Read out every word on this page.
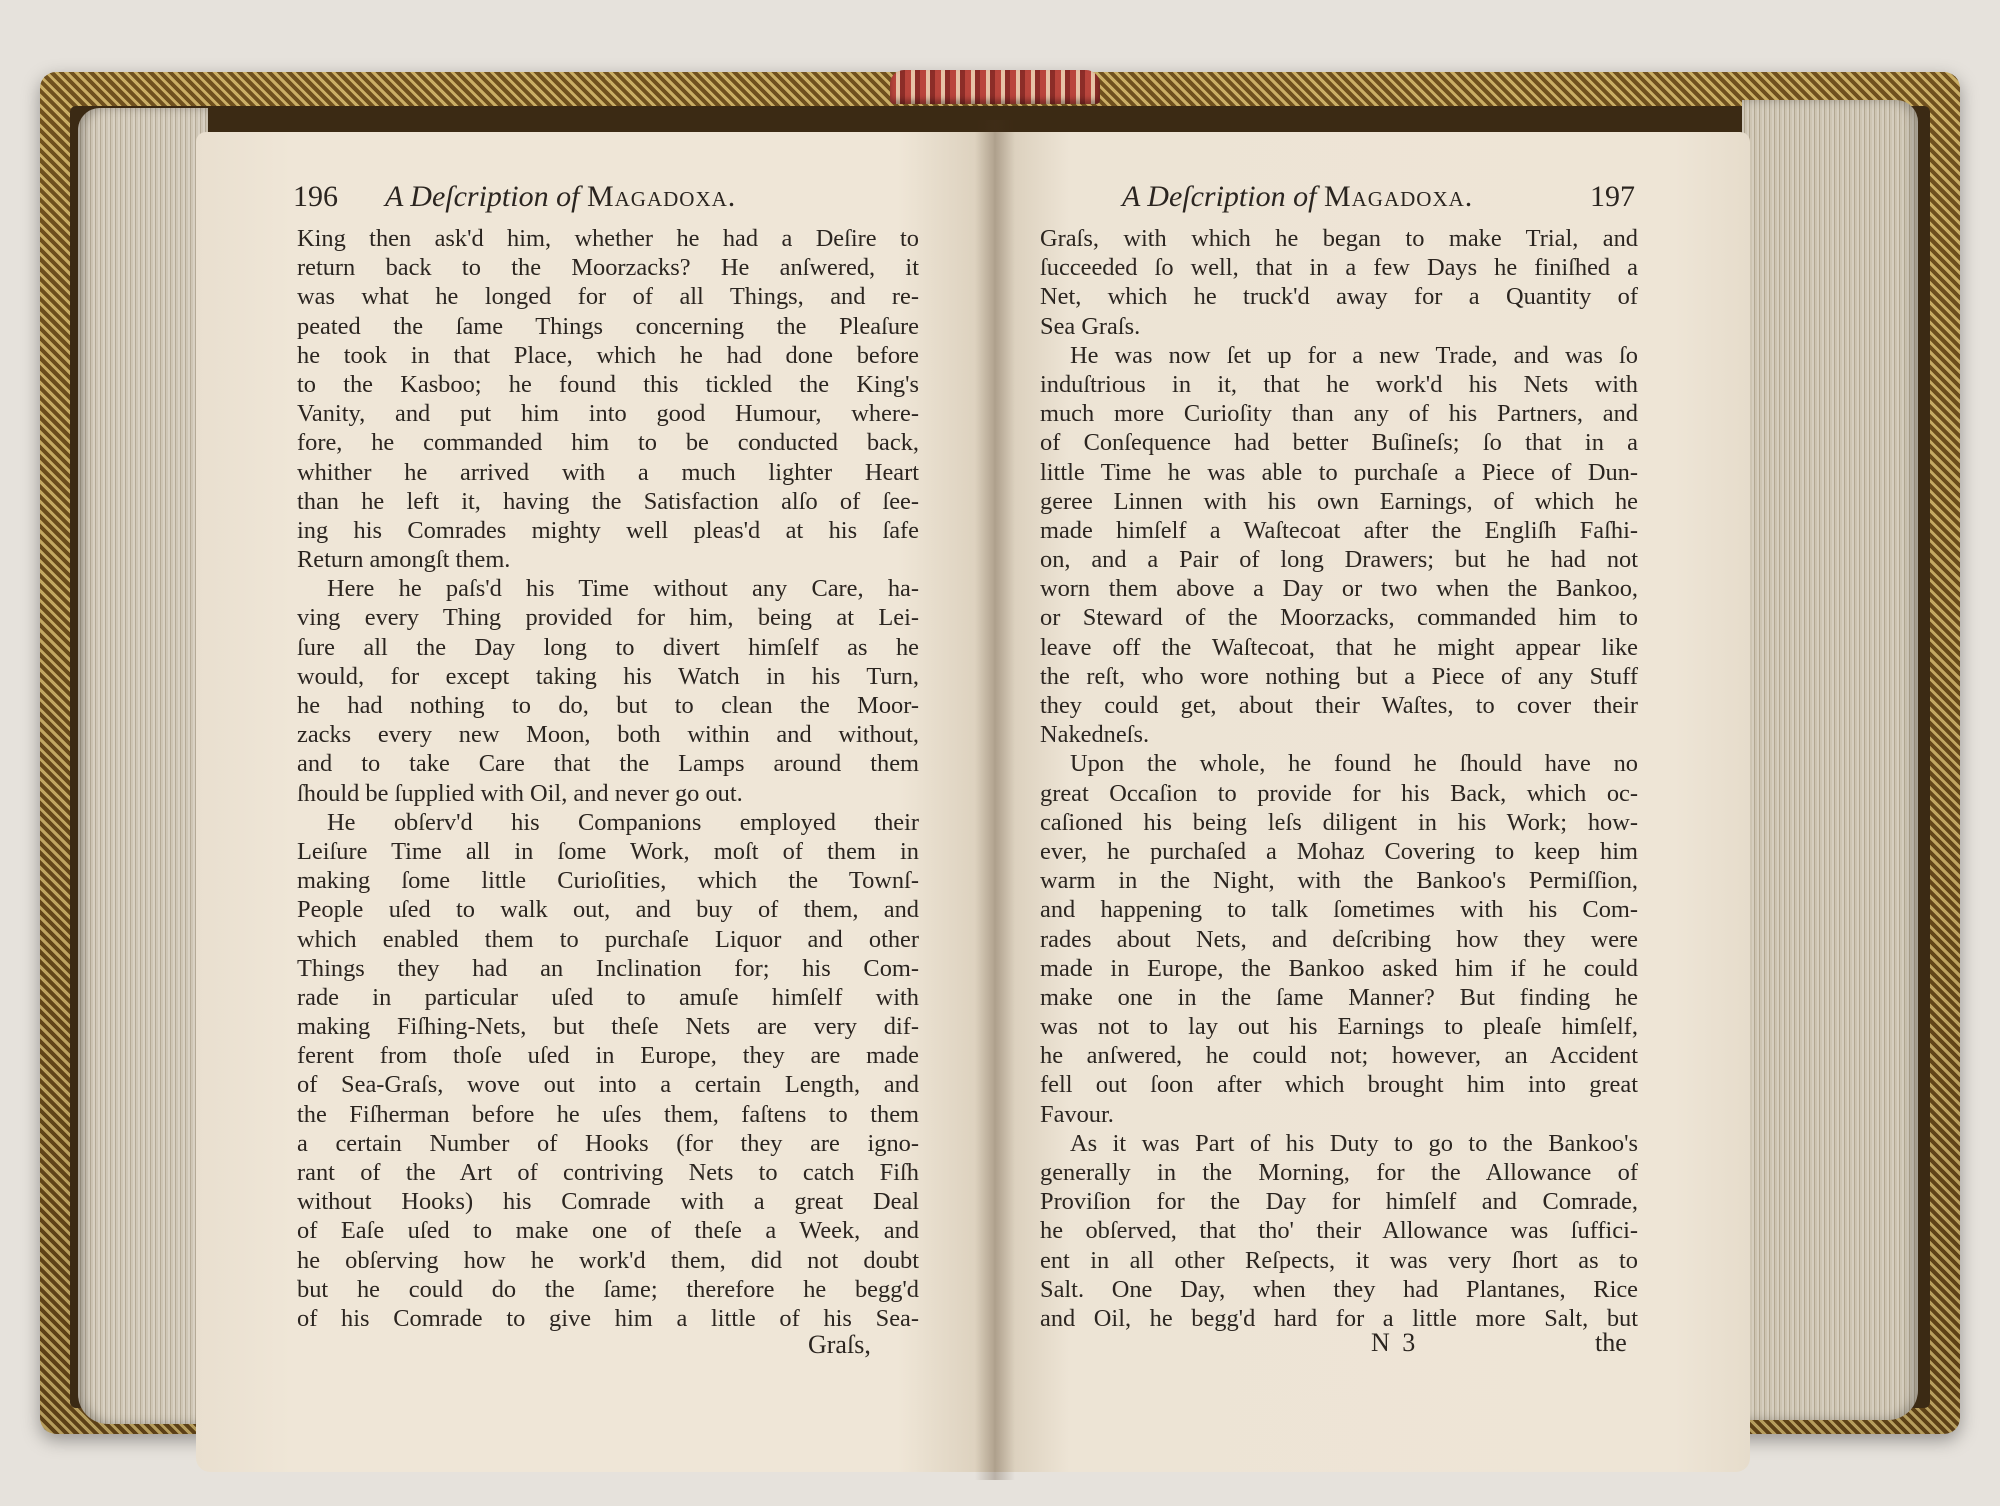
196 A Deſcription of Magadoxa.
King then ask'd him, whether he had a Deſire to
return back to the Moorzacks? He anſwered, it
was what he longed for of all Things, and re-
peated the ſame Things concerning the Pleaſure
he took in that Place, which he had done before
to the Kasboo; he found this tickled the King's
Vanity, and put him into good Humour, where-
fore, he commanded him to be conducted back,
whither he arrived with a much lighter Heart
than he left it, having the Satisfaction alſo of ſee-
ing his Comrades mighty well pleas'd at his ſafe
Return amongſt them.
Here he paſs'd his Time without any Care, ha-
ving every Thing provided for him, being at Lei-
ſure all the Day long to divert himſelf as he
would, for except taking his Watch in his Turn,
he had nothing to do, but to clean the Moor-
zacks every new Moon, both within and without,
and to take Care that the Lamps around them
ſhould be ſupplied with Oil, and never go out.
He obſerv'd his Companions employed their
Leiſure Time all in ſome Work, moſt of them in
making ſome little Curioſities, which the Townſ-
People uſed to walk out, and buy of them, and
which enabled them to purchaſe Liquor and other
Things they had an Inclination for; his Com-
rade in particular uſed to amuſe himſelf with
making Fiſhing-Nets, but theſe Nets are very dif-
ferent from thoſe uſed in Europe, they are made
of Sea-Graſs, wove out into a certain Length, and
the Fiſherman before he uſes them, faſtens to them
a certain Number of Hooks (for they are igno-
rant of the Art of contriving Nets to catch Fiſh
without Hooks) his Comrade with a great Deal
of Eaſe uſed to make one of theſe a Week, and
he obſerving how he work'd them, did not doubt
but he could do the ſame; therefore he begg'd
of his Comrade to give him a little of his Sea-
Graſs,
A Deſcription of Magadoxa.	197
Graſs, with which he began to make Trial, and
ſucceeded ſo well, that in a few Days he finiſhed a
Net, which he truck'd away for a Quantity of
Sea Graſs.
He was now ſet up for a new Trade, and was ſo
induſtrious in it, that he work'd his Nets with
much more Curioſity than any of his Partners, and
of Conſequence had better Buſineſs; ſo that in a
little Time he was able to purchaſe a Piece of Dun-
geree Linnen with his own Earnings, of which he
made himſelf a Waſtecoat after the Engliſh Faſhi-
on, and a Pair of long Drawers; but he had not
worn them above a Day or two when the Bankoo,
or Steward of the Moorzacks, commanded him to
leave off the Waſtecoat, that he might appear like
the reſt, who wore nothing but a Piece of any Stuff
they could get, about their Waſtes, to cover their
Nakedneſs.
Upon the whole, he found he ſhould have no
great Occaſion to provide for his Back, which oc-
caſioned his being leſs diligent in his Work; how-
ever, he purchaſed a Mohaz Covering to keep him
warm in the Night, with the Bankoo's Permiſſion,
and happening to talk ſometimes with his Com-
rades about Nets, and deſcribing how they were
made in Europe, the Bankoo asked him if he could
make one in the ſame Manner? But finding he
was not to lay out his Earnings to pleaſe himſelf,
he anſwered, he could not; however, an Accident
fell out ſoon after which brought him into great
Favour.
As it was Part of his Duty to go to the Bankoo's
generally in the Morning, for the Allowance of
Proviſion for the Day for himſelf and Comrade,
he obſerved, that tho' their Allowance was ſuffici-
ent in all other Reſpects, it was very ſhort as to
Salt. One Day, when they had Plantanes, Rice
and Oil, he begg'd hard for a little more Salt, but
N 3	the
